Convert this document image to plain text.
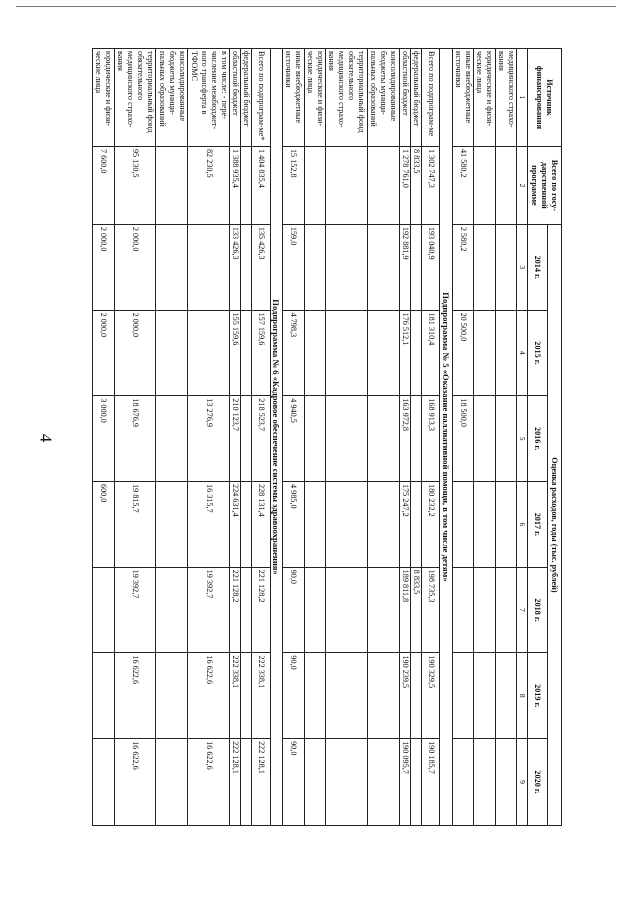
4
Источник финансирования	Всего по госу-дарственной программе	Оценка расходов, годы (тыс. рублей)						
		2014 г.	2015 г.	2016 г.	2017 г.	2018 г.	2019 г.	2020 г.
1	2	3	4	5	6	7	8	9
медицинского страхо-вания								
юридические и физи-ческие лица								
иные внебюджетные источники	41 580,2	2 580,2	20 500,0	18 500,0				
Подпрограмма № 5 «Оказание паллиативной помощи, в том числе детям»								
Всего по подпрограм-ме	1 302 747,3	193 040,9	181 310,4	168 913,3	180 232,2	198 735,3	190 329,5	190 185,7
федеральный бюджет	8 833,5					8 833,5		
областной бюджет	1 278 761,0	192 881,9	176 512,1	163 972,8	175 247,2	189 811,8	190 239,5	190 095,7
консолидированные бюджеты муници-пальных образований								
территориальный фонд обязательного медицинского страхо-вания								
юридические и физи-ческие лица								
иные внебюджетные источники	15 152,8	159,0	4 798,3	4 940,5	4 985,0	90,0	90,0	90,0
Подпрограмма № 6 «Кадровое обеспечение системы здравоохранения»								
Всего по подпрограм-ме*	1 404 835,4	135 426,3	157 159,6	218 523,7	228 131,4	221 128,2	222 338,1	222 128,1
федеральный бюджет								
областной бюджет	1 388 935,4	133 426,3	155 159,6	210 123,7	224 631,4	221 128,2	222 338,1	222 128,1
в том числе: - пере-числение межбюджет-ного трансферта в ТФОМС	82 230,5			13 276,9	16 315,7	19 392,7	16 622,6	16 622,6
консолидированные бюджеты муници-пальных образований								
территориальный фонд обязательного медицинского страхо-вания	95 130,5	2 000,0	2 000,0	18 676,9	19 815,7	19 392,7	16 622,6	16 622,6
юридические и физи-ческие лица	7 600,0	2 000,0	2 000,0	3 000,0	600,0			
